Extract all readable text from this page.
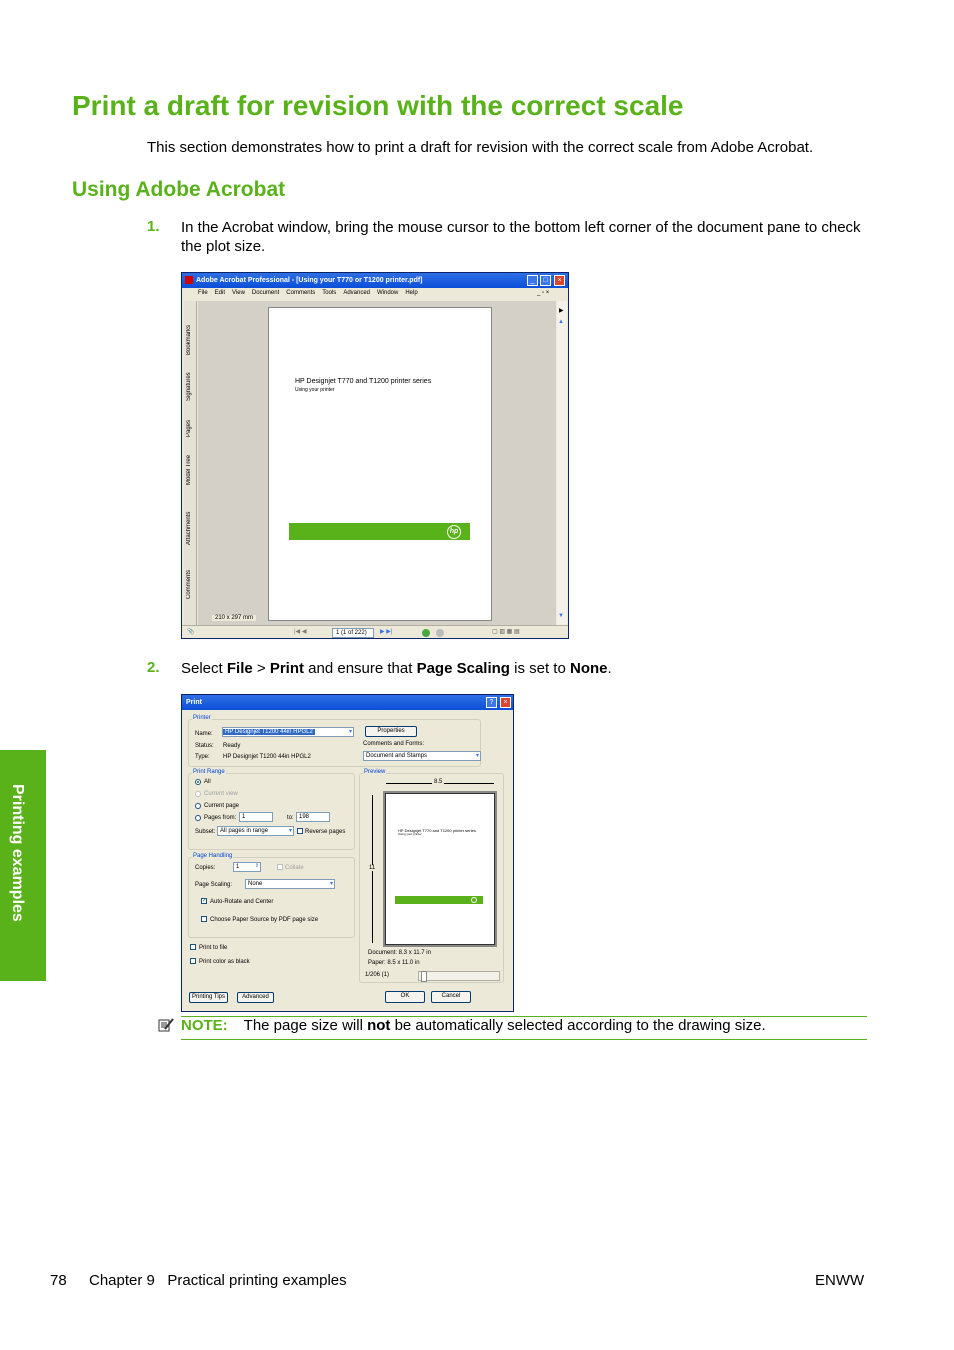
Print a draft for revision with the correct scale
This section demonstrates how to print a draft for revision with the correct scale from Adobe Acrobat.
Using Adobe Acrobat
1. In the Acrobat window, bring the mouse cursor to the bottom left corner of the document pane to check the plot size.
Adobe Acrobat Professional - [Using your T770 or T1200 printer.pdf]	_	□	×
File Edit View Document Comments Tools Advanced Window Help	_ ▫ ×
Bookmarks
Signatures
Pages
Model Tree
Attachments
Comments
HP Designjet T770 and T1200 printer series
Using your printer
hp
210 x 297 mm
▶
▲
▼
📎	|◀ ◀	1 (1 of 222)	▶ ▶|	▢ ▥ ▦ ▤
2. Select File > Print and ensure that Page Scaling is set to None.
Print	?	×
Printer
Name:	HP Designjet T1200 44in HPGL2	▾	Properties
Status: Ready
Type: HP Designjet T1200 44in HPGL2
Comments and Forms:
Document and Stamps	▾
Print Range
All
Current view
Current page
Pages from: 1	to: 198
Subset: All pages in range	▾ Reverse pages
Page Handling
Copies:	1	⇕	Collate
Page Scaling:	None	▾
✓ Auto-Rotate and Center
Choose Paper Source by PDF page size
Print to file
Print color as black
Preview
8.5
11
HP Designjet T770 and T1200 printer series
Using your printer
Document: 8.3 x 11.7 in
Paper: 8.5 x 11.0 in
1/206 (1)
Printing Tips	Advanced	OK	Cancel
NOTE: The page size will not be automatically selected according to the drawing size.
Printing examples
78 Chapter 9   Practical printing examples	ENWW
